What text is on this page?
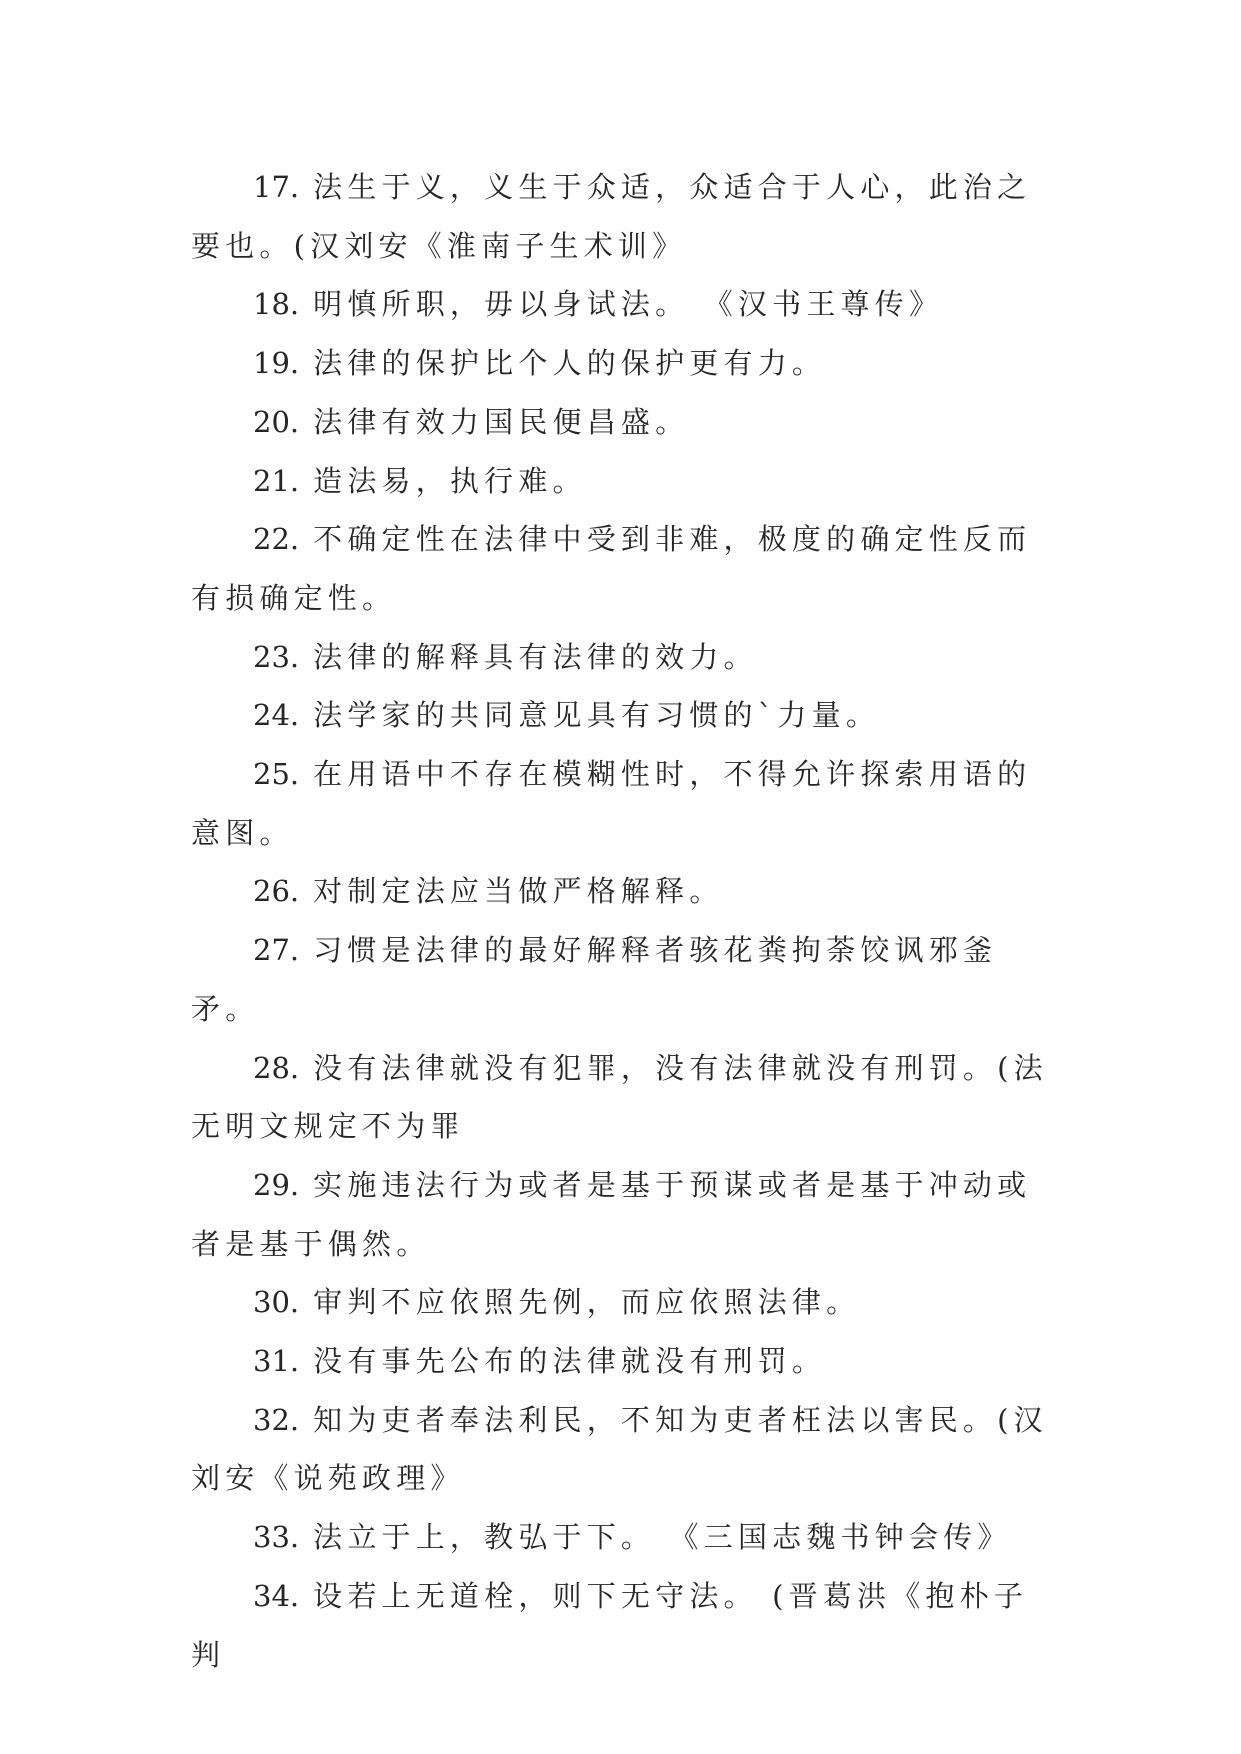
17. 法生于义，义生于众适，众适合于人心，此治之要也。(汉刘安《淮南子生术训》

18. 明慎所职，毋以身试法。 《汉书王尊传》

19. 法律的保护比个人的保护更有力。

20. 法律有效力国民便昌盛。

21. 造法易，执行难。

22. 不确定性在法律中受到非难，极度的确定性反而有损确定性。

23. 法律的解释具有法律的效力。

24. 法学家的共同意见具有习惯的`力量。

25. 在用语中不存在模糊性时，不得允许探索用语的意图。

26. 对制定法应当做严格解释。

27. 习惯是法律的最好解释者骇花粪拘荼饺讽邪釜矛。

28. 没有法律就没有犯罪，没有法律就没有刑罚。(法无明文规定不为罪

29. 实施违法行为或者是基于预谋或者是基于冲动或者是基于偶然。

30. 审判不应依照先例，而应依照法律。

31. 没有事先公布的法律就没有刑罚。

32. 知为吏者奉法利民，不知为吏者枉法以害民。(汉刘安《说苑政理》

33. 法立于上，教弘于下。 《三国志魏书钟会传》

34. 设若上无道栓，则下无守法。 (晋葛洪《抱朴子判
